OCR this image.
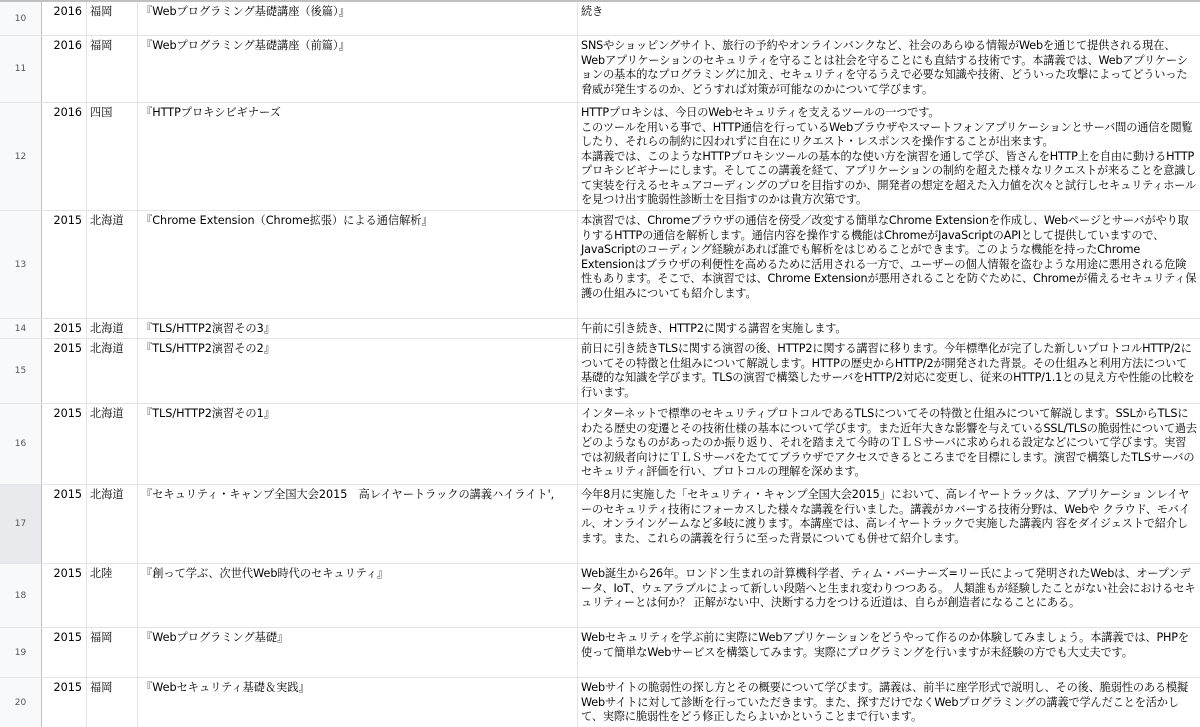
10
2016 福岡	『Webプログラミング基礎講座（後篇）』	続き
11
2016 福岡	『Webプログラミング基礎講座（前篇）』	SNSやショッピングサイト、旅行の予約やオンラインバンクなど、社会のあらゆる情報がWebを通じて提供される現在、Webアプリケーションのセキュリティを守ることは社会を守ることにも直結する技術です。本講義では、Webアプリケーションの基本的なプログラミングに加え、セキュリティを守るうえで必要な知識や技術、どういった攻撃によってどういった脅威が発生するのか、どうすれば対策が可能なのかについて学びます。
12
2016 四国	『HTTPプロキシビギナーズ	HTTPプロキシは、今日のWebセキュリティを支えるツールの一つです。
このツールを用いる事で、HTTP通信を行っているWebブラウザやスマートフォンアプリケーションとサーバ間の通信を閲覧したり、それらの制約に囚われずに自在にリクエスト・レスポンスを操作することが出来ます。
本講義では、このようなHTTPプロキシツールの基本的な使い方を演習を通して学び、皆さんをHTTP上を自由に動けるHTTPプロキシビギナーにします。そしてこの講義を経て、アプリケーションの制約を超えた様々なリクエストが来ることを意識して実装を行えるセキュアコーディングのプロを目指すのか、開発者の想定を超えた入力値を次々と試行しセキュリティホールを見つけ出す脆弱性診断士を目指すのかは貴方次第です。
13
2015 北海道	『Chrome Extension（Chrome拡張）による通信解析』	本演習では、Chromeブラウザの通信を傍受／改変する簡単なChrome Extensionを作成し、Webページとサーバがやり取りするHTTPの通信を解析します。通信内容を操作する機能はChromeがJavaScriptのAPIとして提供していますので、JavaScriptのコーディング経験があれば誰でも解析をはじめることができます。このような機能を持ったChrome Extensionはブラウザの利便性を高めるために活用される一方で、ユーザーの個人情報を盗むような用途に悪用される危険性もあります。そこで、本演習では、Chrome Extensionが悪用されることを防ぐために、Chromeが備えるセキュリティ保護の仕組みについても紹介します。
14	2015 北海道	『TLS/HTTP2演習その3』	午前に引き続き、HTTP2に関する講習を実施します。
15
2015 北海道	『TLS/HTTP2演習その2』	前日に引き続きTLSに関する演習の後、HTTP2に関する講習に移ります。今年標準化が完了した新しいプロトコルHTTP/2についてその特徴と仕組みについて解説します。HTTPの歴史からHTTP/2が開発された背景。その仕組みと利用方法について基礎的な知識を学びます。TLSの演習で構築したサーバをHTTP/2対応に変更し、従来のHTTP/1.1との見え方や性能の比較を行います。
16
2015 北海道	『TLS/HTTP2演習その1』	インターネットで標準のセキュリティプロトコルであるTLSについてその特徴と仕組みについて解説します。SSLからTLSにわたる歴史の変遷とその技術仕様の基本について学びます。また近年大きな影響を与えているSSL/TLSの脆弱性について過去どのようなものがあったのか振り返り、それを踏まえて今時のＴＬＳサーバに求められる設定などについて学びます。実習では初級者向けにＴＬＳサーバをたててブラウザでアクセスできるところまでを目標にします。演習で構築したTLSサーバのセキュリティ評価を行い、プロトコルの理解を深めます。
17
2015 北海道	『セキュリティ・キャンプ全国大会2015　高レイヤートラックの講義ハイライト',	今年8月に実施した「セキュリティ・キャンプ全国大会2015」において、高レイヤートラックは、アプリケーショ ンレイヤーのセキュリティ技術にフォーカスした様々な講義を行いました。講義がカバーする技術分野は、Webや クラウド、モバイル、オンラインゲームなど多岐に渡ります。本講座では、高レイヤートラックで実施した講義内 容をダイジェストで紹介します。また、これらの講義を行うに至った背景についても併せて紹介します。
18
2015 北陸	『創って学ぶ、次世代Web時代のセキュリティ』	Web誕生から26年。ロンドン生まれの計算機科学者、ティム・バーナーズ=リー氏によって発明されたWebは、オープンデータ、IoT、ウェアラブルによって新しい段階へと生まれ変わりつつある。 人類誰もが経験したことがない社会におけるセキュリティーとは何か？ 正解がない中、決断する力をつける近道は、自らが創造者になることにある。
19
2015 福岡	『Webプログラミング基礎』	Webセキュリティを学ぶ前に実際にWebアプリケーションをどうやって作るのか体験してみましょう。本講義では、PHPを使って簡単なWebサービスを構築してみます。実際にプログラミングを行いますが未経験の方でも大丈夫です。
20
2015 福岡	『Webセキュリティ基礎＆実践』	Webサイトの脆弱性の探し方とその概要について学びます。講義は、前半に座学形式で説明し、その後、脆弱性のある模擬Webサイトに対して診断を行っていただきます。また、探すだけでなくWebプログラミングの講義で学んだことを活かして、実際に脆弱性をどう修正したらよいかということまで行います。
